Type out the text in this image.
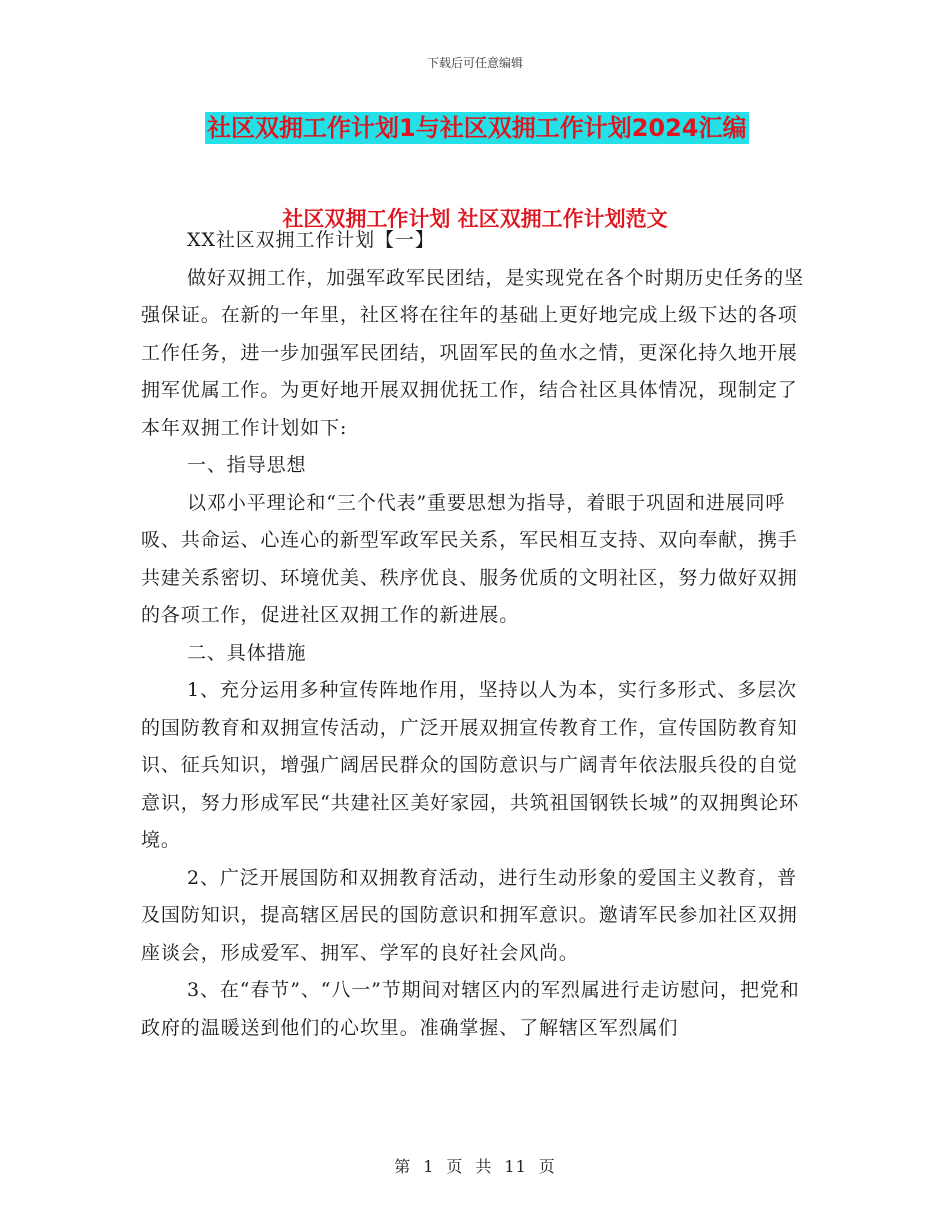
下载后可任意编辑
社区双拥工作计划1与社区双拥工作计划2024汇编
社区双拥工作计划 社区双拥工作计划范文

XX社区双拥工作计划【一】

做好双拥工作，加强军政军民团结，是实现党在各个时期历史任务的坚强保证。在新的一年里，社区将在往年的基础上更好地完成上级下达的各项工作任务，进一步加强军民团结，巩固军民的鱼水之情，更深化持久地开展拥军优属工作。为更好地开展双拥优抚工作，结合社区具体情况，现制定了本年双拥工作计划如下:

一、指导思想

以邓小平理论和“三个代表”重要思想为指导，着眼于巩固和进展同呼吸、共命运、心连心的新型军政军民关系，军民相互支持、双向奉献，携手共建关系密切、环境优美、秩序优良、服务优质的文明社区，努力做好双拥的各项工作，促进社区双拥工作的新进展。

二、具体措施

1、充分运用多种宣传阵地作用，坚持以人为本，实行多形式、多层次的国防教育和双拥宣传活动，广泛开展双拥宣传教育工作，宣传国防教育知识、征兵知识，增强广阔居民群众的国防意识与广阔青年依法服兵役的自觉意识，努力形成军民“共建社区美好家园，共筑祖国钢铁长城”的双拥舆论环境。

2、广泛开展国防和双拥教育活动，进行生动形象的爱国主义教育，普及国防知识，提高辖区居民的国防意识和拥军意识。邀请军民参加社区双拥座谈会，形成爱军、拥军、学军的良好社会风尚。

3、在“春节”、“八一”节期间对辖区内的军烈属进行走访慰问，把党和政府的温暖送到他们的心坎里。准确掌握、了解辖区军烈属们

第 1 页 共 11 页
